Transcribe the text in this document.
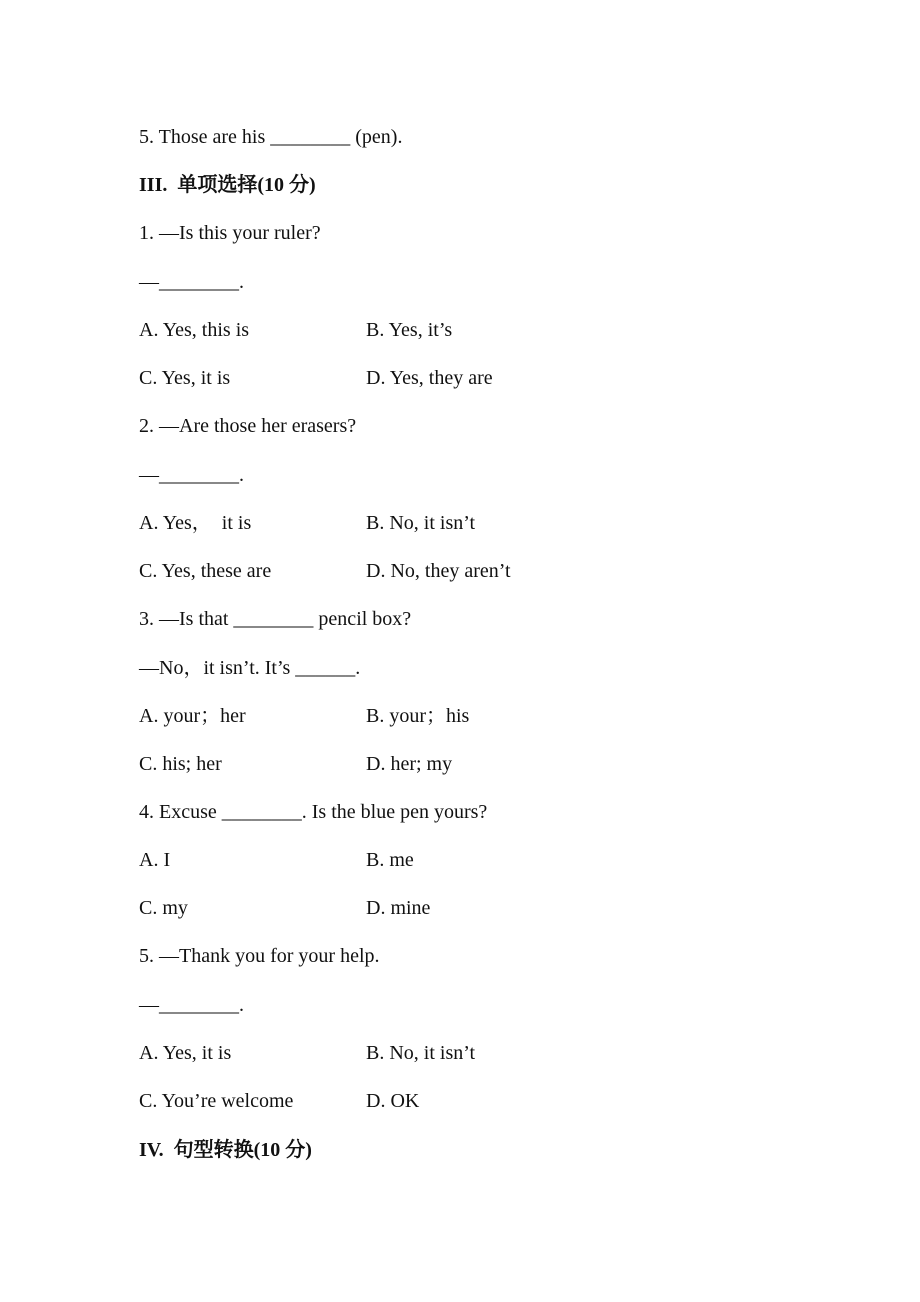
5. Those are his ________ (pen).
III.  单项选择(10 分)
1. —Is this your ruler?
—________.
A. Yes, this is	B. Yes, it’s
C. Yes, it is	D. Yes, they are
2. —Are those her erasers?
—________.
A. Yes，  it is	B. No, it isn’t
C. Yes, these are	D. No, they aren’t
3. —Is that ________ pencil box?
—No，it isn’t. It’s ______.
A. your；her	B. your；his
C. his; her	D. her; my
4. Excuse ________. Is the blue pen yours?
A. I	B. me
C. my	D. mine
5. —Thank you for your help.
—________.
A. Yes, it is	B. No, it isn’t
C. You’re welcome	D. OK
IV.  句型转换(10 分)
